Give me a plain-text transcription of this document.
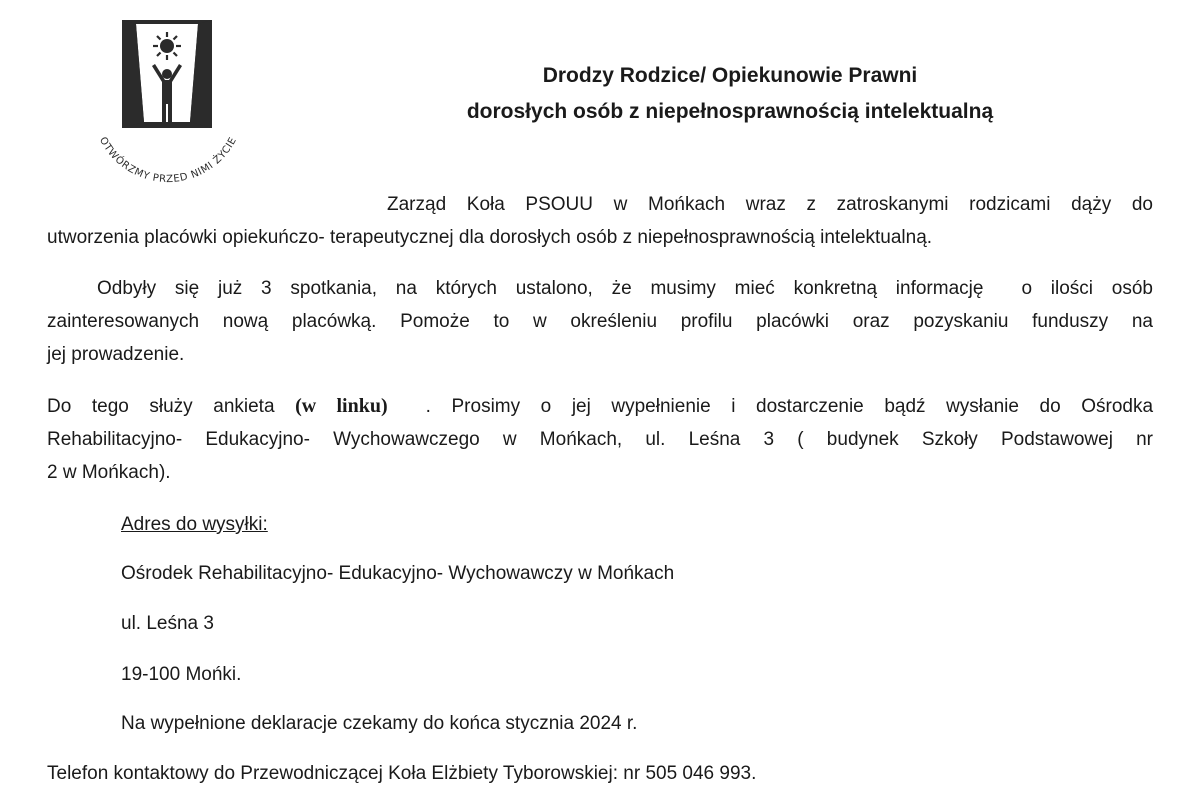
OTWÓRZMY PRZED NIMI ŻYCIE
Drodzy Rodzice/ Opiekunowie Prawni
dorosłych osób z niepełnosprawnością intelektualną
Zarząd Koła PSOUU w Mońkach wraz z zatroskanymi rodzicami dąży do
utworzenia placówki opiekuńczo- terapeutycznej dla dorosłych osób z niepełnosprawnością intelektualną.
Odbyły się już 3 spotkania, na których ustalono, że musimy mieć konkretną informację o ilości osób
zainteresowanych nową placówką. Pomoże to w określeniu profilu placówki oraz pozyskaniu funduszy na
jej prowadzenie.
Do tego służy ankieta (w linku) . Prosimy o jej wypełnienie i dostarczenie bądź wysłanie do Ośrodka
Rehabilitacyjno- Edukacyjno- Wychowawczego w Mońkach, ul. Leśna 3 ( budynek Szkoły Podstawowej nr
2 w Mońkach).
Adres do wysyłki:
Ośrodek Rehabilitacyjno- Edukacyjno- Wychowawczy w Mońkach
ul. Leśna 3
19-100 Mońki.
Na wypełnione deklaracje czekamy do końca stycznia 2024 r.
Telefon kontaktowy do Przewodniczącej Koła Elżbiety Tyborowskiej: nr 505 046 993.
